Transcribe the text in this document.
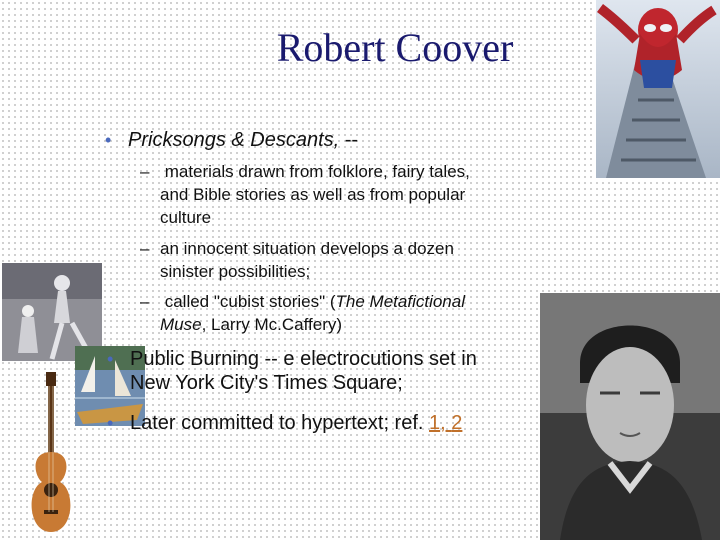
Robert Coover
• Pricksongs & Descants, --
– materials drawn from folklore, fairy tales,
and Bible stories as well as from popular
culture
– an innocent situation develops a dozen
sinister possibilities;
– called "cubist stories" (The Metafictional
Muse, Larry Mc.Caffery)
• Public Burning -- e electrocutions set in
New York City's Times Square;
• Later committed to hypertext; ref. 1, 2
